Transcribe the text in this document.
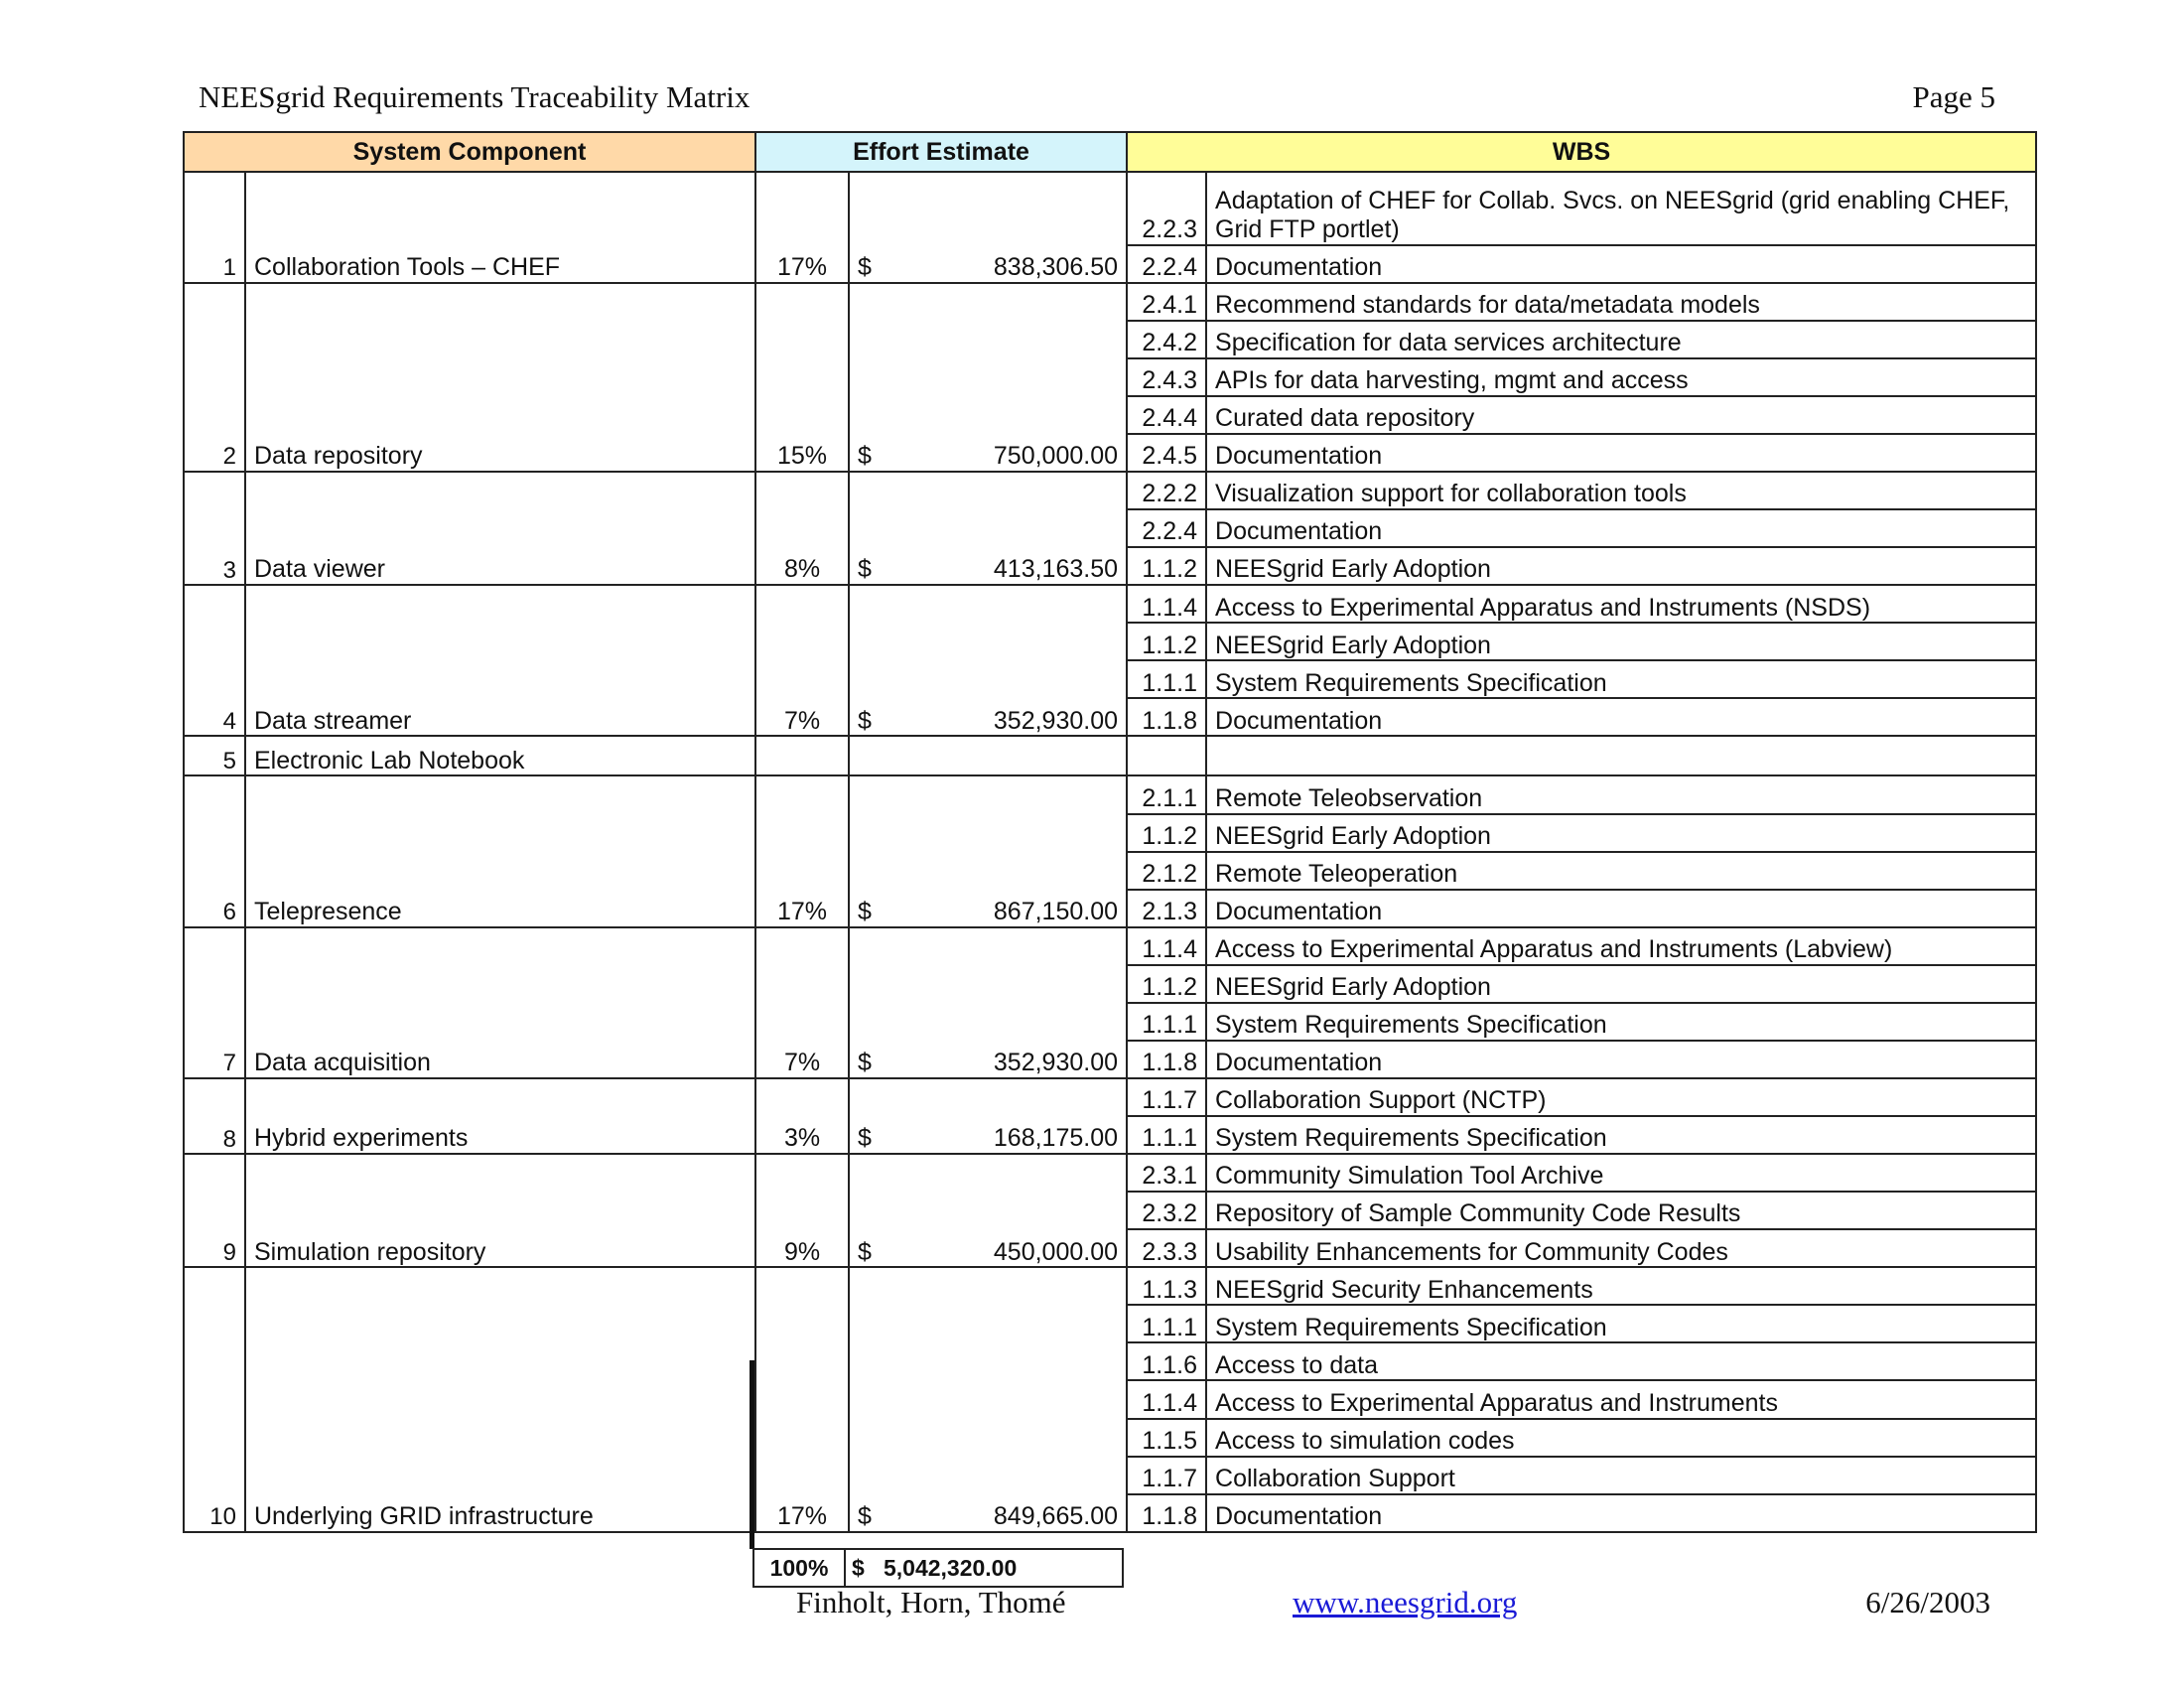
NEESgrid Requirements Traceability Matrix	Page 5
System Component		Effort Estimate		WBS	
1	Collaboration Tools – CHEF	17%	$ 838,306.50	2.2.3	Adaptation of CHEF for Collab. Svcs. on NEESgrid (grid enabling CHEF, Grid FTP portlet)
				2.2.4	Documentation
2	Data repository	15%	$ 750,000.00	2.4.1	Recommend standards for data/metadata models
				2.4.2	Specification for data services architecture
				2.4.3	APIs for data harvesting, mgmt and access
				2.4.4	Curated data repository
				2.4.5	Documentation
3	Data viewer	8%	$ 413,163.50	2.2.2	Visualization support for collaboration tools
				2.2.4	Documentation
				1.1.2	NEESgrid Early Adoption
4	Data streamer	7%	$ 352,930.00	1.1.4	Access to Experimental Apparatus and Instruments (NSDS)
				1.1.2	NEESgrid Early Adoption
				1.1.1	System Requirements Specification
				1.1.8	Documentation
5	Electronic Lab Notebook		

6	Telepresence	17%	$ 867,150.00	2.1.1	Remote Teleobservation
				1.1.2	NEESgrid Early Adoption
				2.1.2	Remote Teleoperation
				2.1.3	Documentation
7	Data acquisition	7%	$ 352,930.00	1.1.4	Access to Experimental Apparatus and Instruments (Labview)
				1.1.2	NEESgrid Early Adoption
				1.1.1	System Requirements Specification
				1.1.8	Documentation
8	Hybrid experiments	3%	$ 168,175.00	1.1.7	Collaboration Support (NCTP)
				1.1.1	System Requirements Specification
9	Simulation repository	9%	$ 450,000.00	2.3.1	Community Simulation Tool Archive
				2.3.2	Repository of Sample Community Code Results
				2.3.3	Usability Enhancements for Community Codes
10	Underlying GRID infrastructure	17%	$ 849,665.00	1.1.3	NEESgrid Security Enhancements
				1.1.1	System Requirements Specification
				1.1.6	Access to data
				1.1.4	Access to Experimental Apparatus and Instruments
				1.1.5	Access to simulation codes
				1.1.7	Collaboration Support
				1.1.8	Documentation
100%	$ 5,042,320.00
Finholt, Horn, Thomé	www.neesgrid.org	6/26/2003
